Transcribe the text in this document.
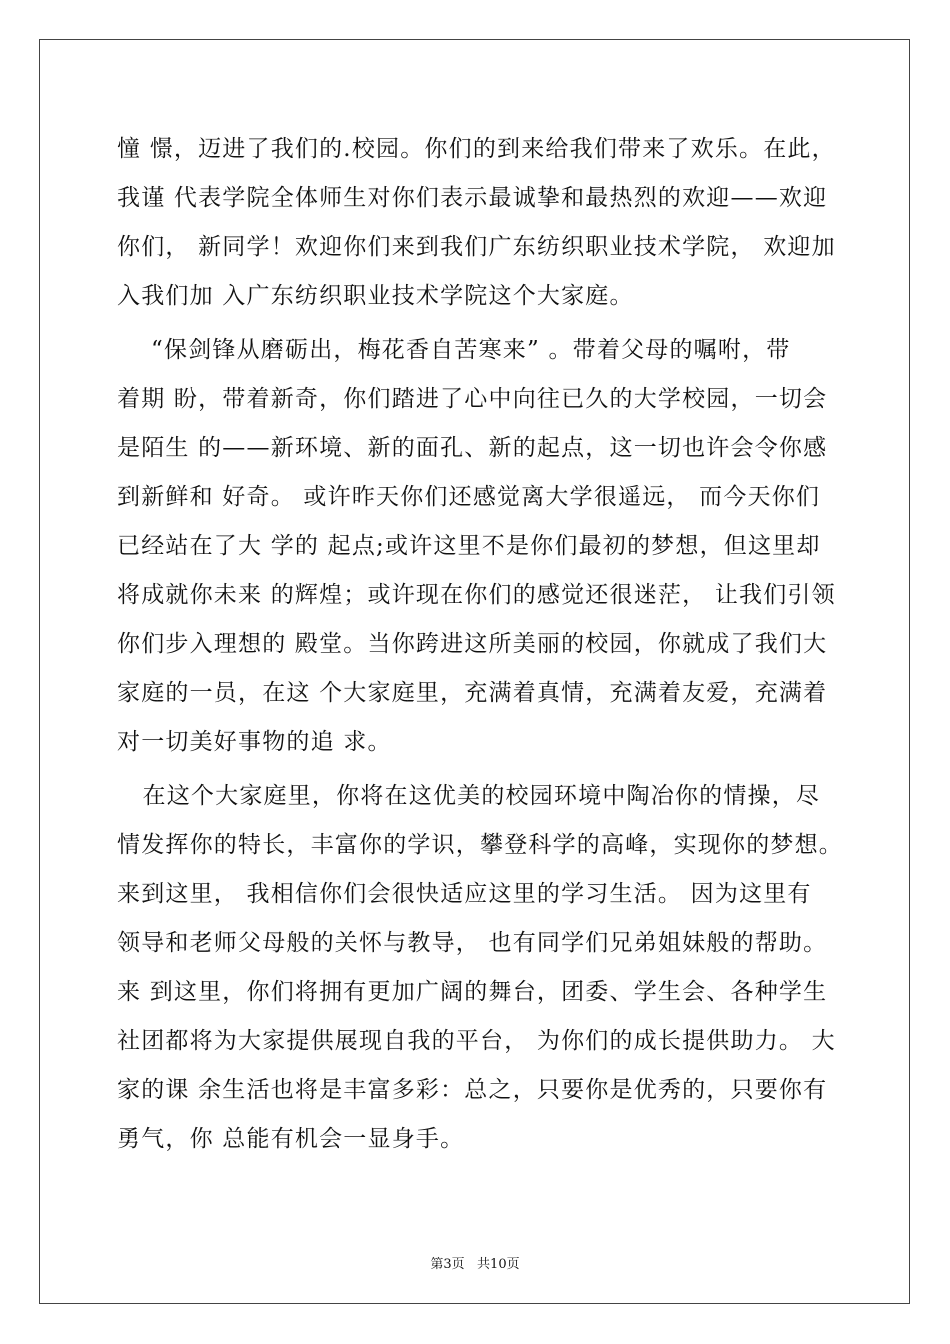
憧 憬，迈进了我们的.校园。你们的到来给我们带来了欢乐。在此，
我谨 代表学院全体师生对你们表示最诚挚和最热烈的欢迎——欢迎
你们， 新同学！欢迎你们来到我们广东纺织职业技术学院， 欢迎加
入我们加 入广东纺织职业技术学院这个大家庭。
“保剑锋从磨砺出，梅花香自苦寒来” 。带着父母的嘱咐，带
着期 盼，带着新奇，你们踏进了心中向往已久的大学校园，一切会
是陌生 的——新环境、新的面孔、新的起点，这一切也许会令你感
到新鲜和 好奇。 或许昨天你们还感觉离大学很遥远， 而今天你们
已经站在了大 学的 起点;或许这里不是你们最初的梦想，但这里却
将成就你未来 的辉煌；或许现在你们的感觉还很迷茫， 让我们引领
你们步入理想的 殿堂。当你跨进这所美丽的校园，你就成了我们大
家庭的一员，在这 个大家庭里，充满着真情，充满着友爱，充满着
对一切美好事物的追 求。
在这个大家庭里，你将在这优美的校园环境中陶冶你的情操，尽
情发挥你的特长，丰富你的学识，攀登科学的高峰，实现你的梦想。
来到这里， 我相信你们会很快适应这里的学习生活。 因为这里有
领导和老师父母般的关怀与教导， 也有同学们兄弟姐妹般的帮助。
来 到这里，你们将拥有更加广阔的舞台，团委、学生会、各种学生
社团都将为大家提供展现自我的平台， 为你们的成长提供助力。 大
家的课 余生活也将是丰富多彩：总之，只要你是优秀的，只要你有
勇气，你 总能有机会一显身手。
第3页   共10页
